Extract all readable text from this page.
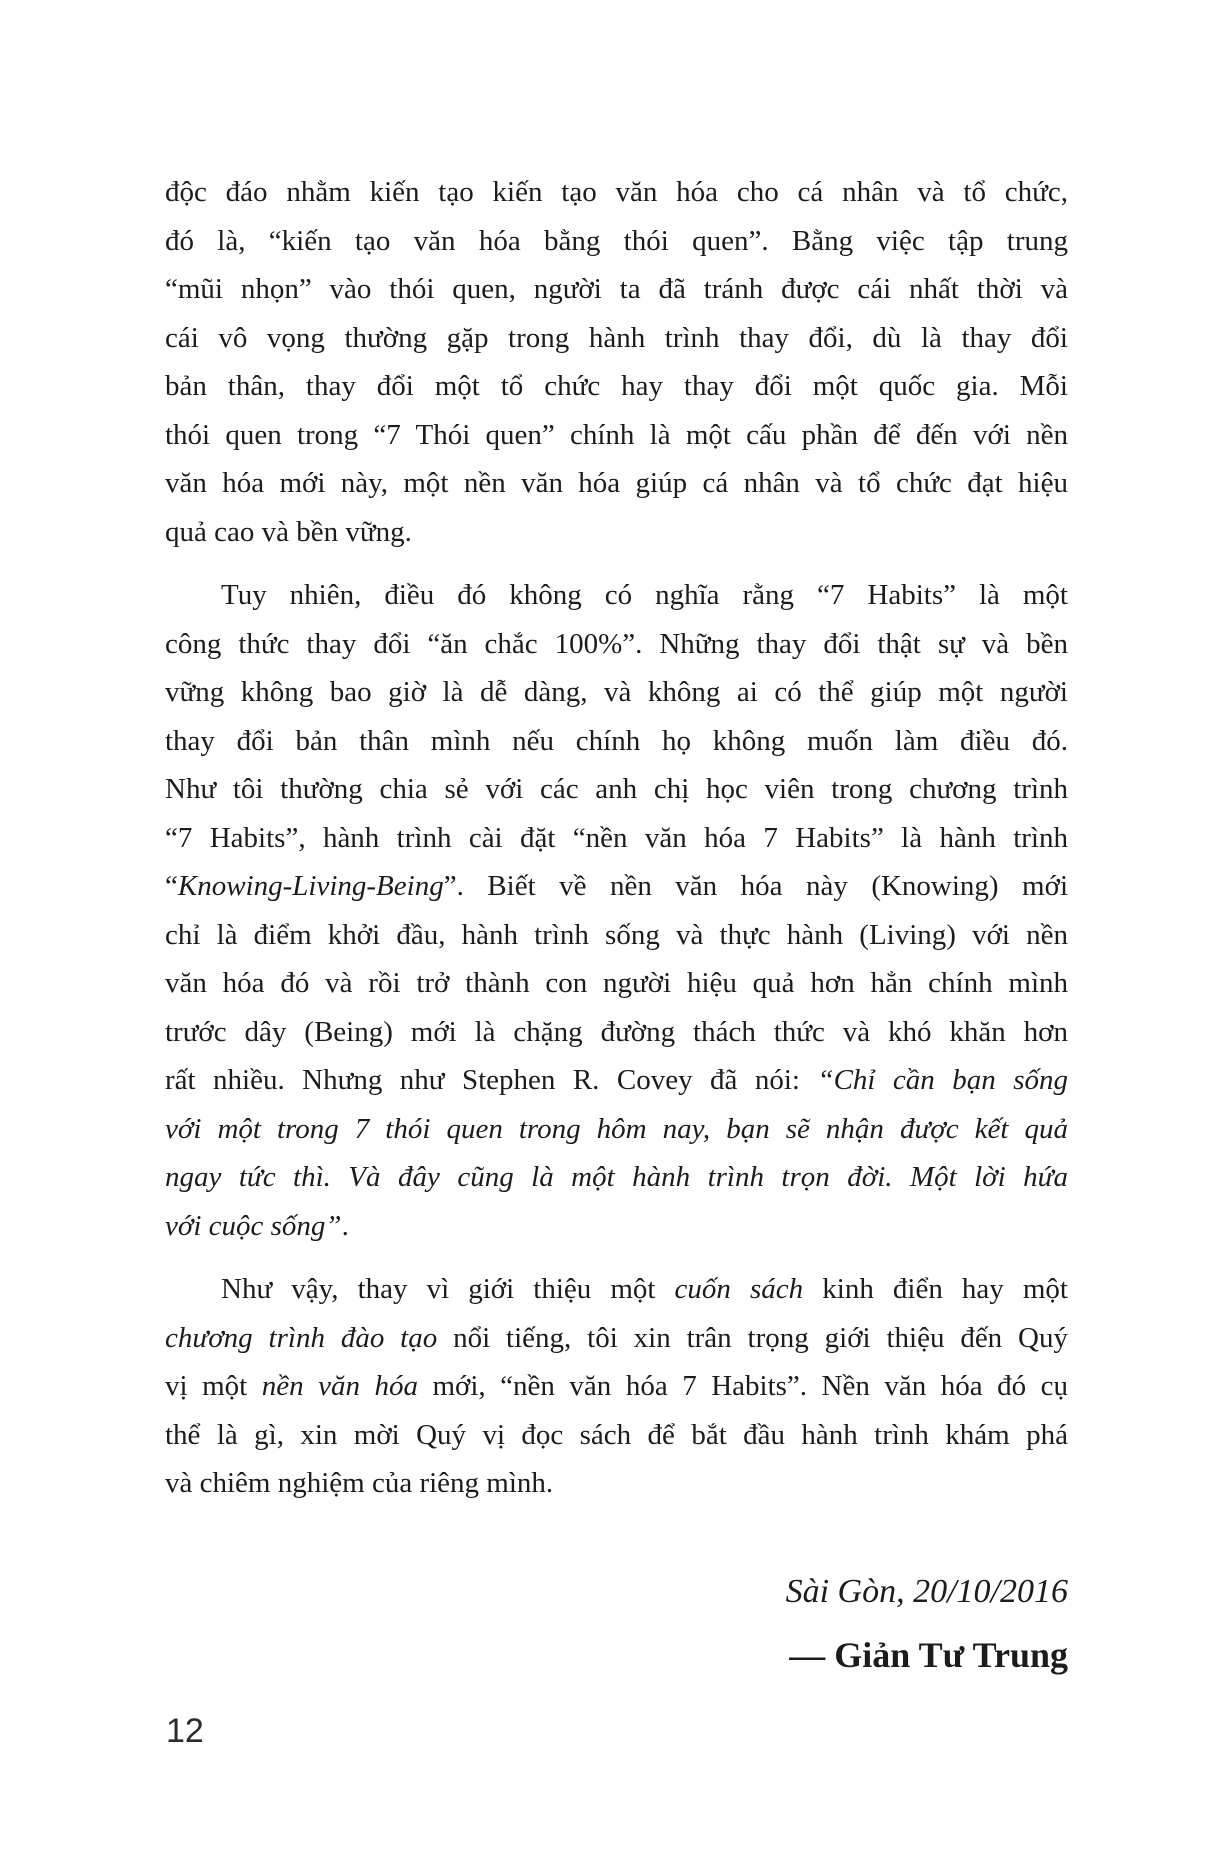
độc đáo nhằm kiến tạo kiến tạo văn hóa cho cá nhân và tổ chức,
đó là, “kiến tạo văn hóa bằng thói quen”. Bằng việc tập trung
“mũi nhọn” vào thói quen, người ta đã tránh được cái nhất thời và
cái vô vọng thường gặp trong hành trình thay đổi, dù là thay đổi
bản thân, thay đổi một tổ chức hay thay đổi một quốc gia. Mỗi
thói quen trong “7 Thói quen” chính là một cấu phần để đến với nền
văn hóa mới này, một nền văn hóa giúp cá nhân và tổ chức đạt hiệu
quả cao và bền vững.
Tuy nhiên, điều đó không có nghĩa rằng “7 Habits” là một
công thức thay đổi “ăn chắc 100%”. Những thay đổi thật sự và bền
vững không bao giờ là dễ dàng, và không ai có thể giúp một người
thay đổi bản thân mình nếu chính họ không muốn làm điều đó.
Như tôi thường chia sẻ với các anh chị học viên trong chương trình
“7 Habits”, hành trình cài đặt “nền văn hóa 7 Habits” là hành trình
“Knowing-Living-Being”. Biết về nền văn hóa này (Knowing) mới
chỉ là điểm khởi đầu, hành trình sống và thực hành (Living) với nền
văn hóa đó và rồi trở thành con người hiệu quả hơn hẳn chính mình
trước dây (Being) mới là chặng đường thách thức và khó khăn hơn
rất nhiều. Nhưng như Stephen R. Covey đã nói: “Chỉ cần bạn sống
với một trong 7 thói quen trong hôm nay, bạn sẽ nhận được kết quả
ngay tức thì. Và đây cũng là một hành trình trọn đời. Một lời hứa
với cuộc sống”.
Như vậy, thay vì giới thiệu một cuốn sách kinh điển hay một
chương trình đào tạo nổi tiếng, tôi xin trân trọng giới thiệu đến Quý
vị một nền văn hóa mới, “nền văn hóa 7 Habits”. Nền văn hóa đó cụ
thể là gì, xin mời Quý vị đọc sách để bắt đầu hành trình khám phá
và chiêm nghiệm của riêng mình.
Sài Gòn, 20/10/2016
— Giản Tư Trung
12
